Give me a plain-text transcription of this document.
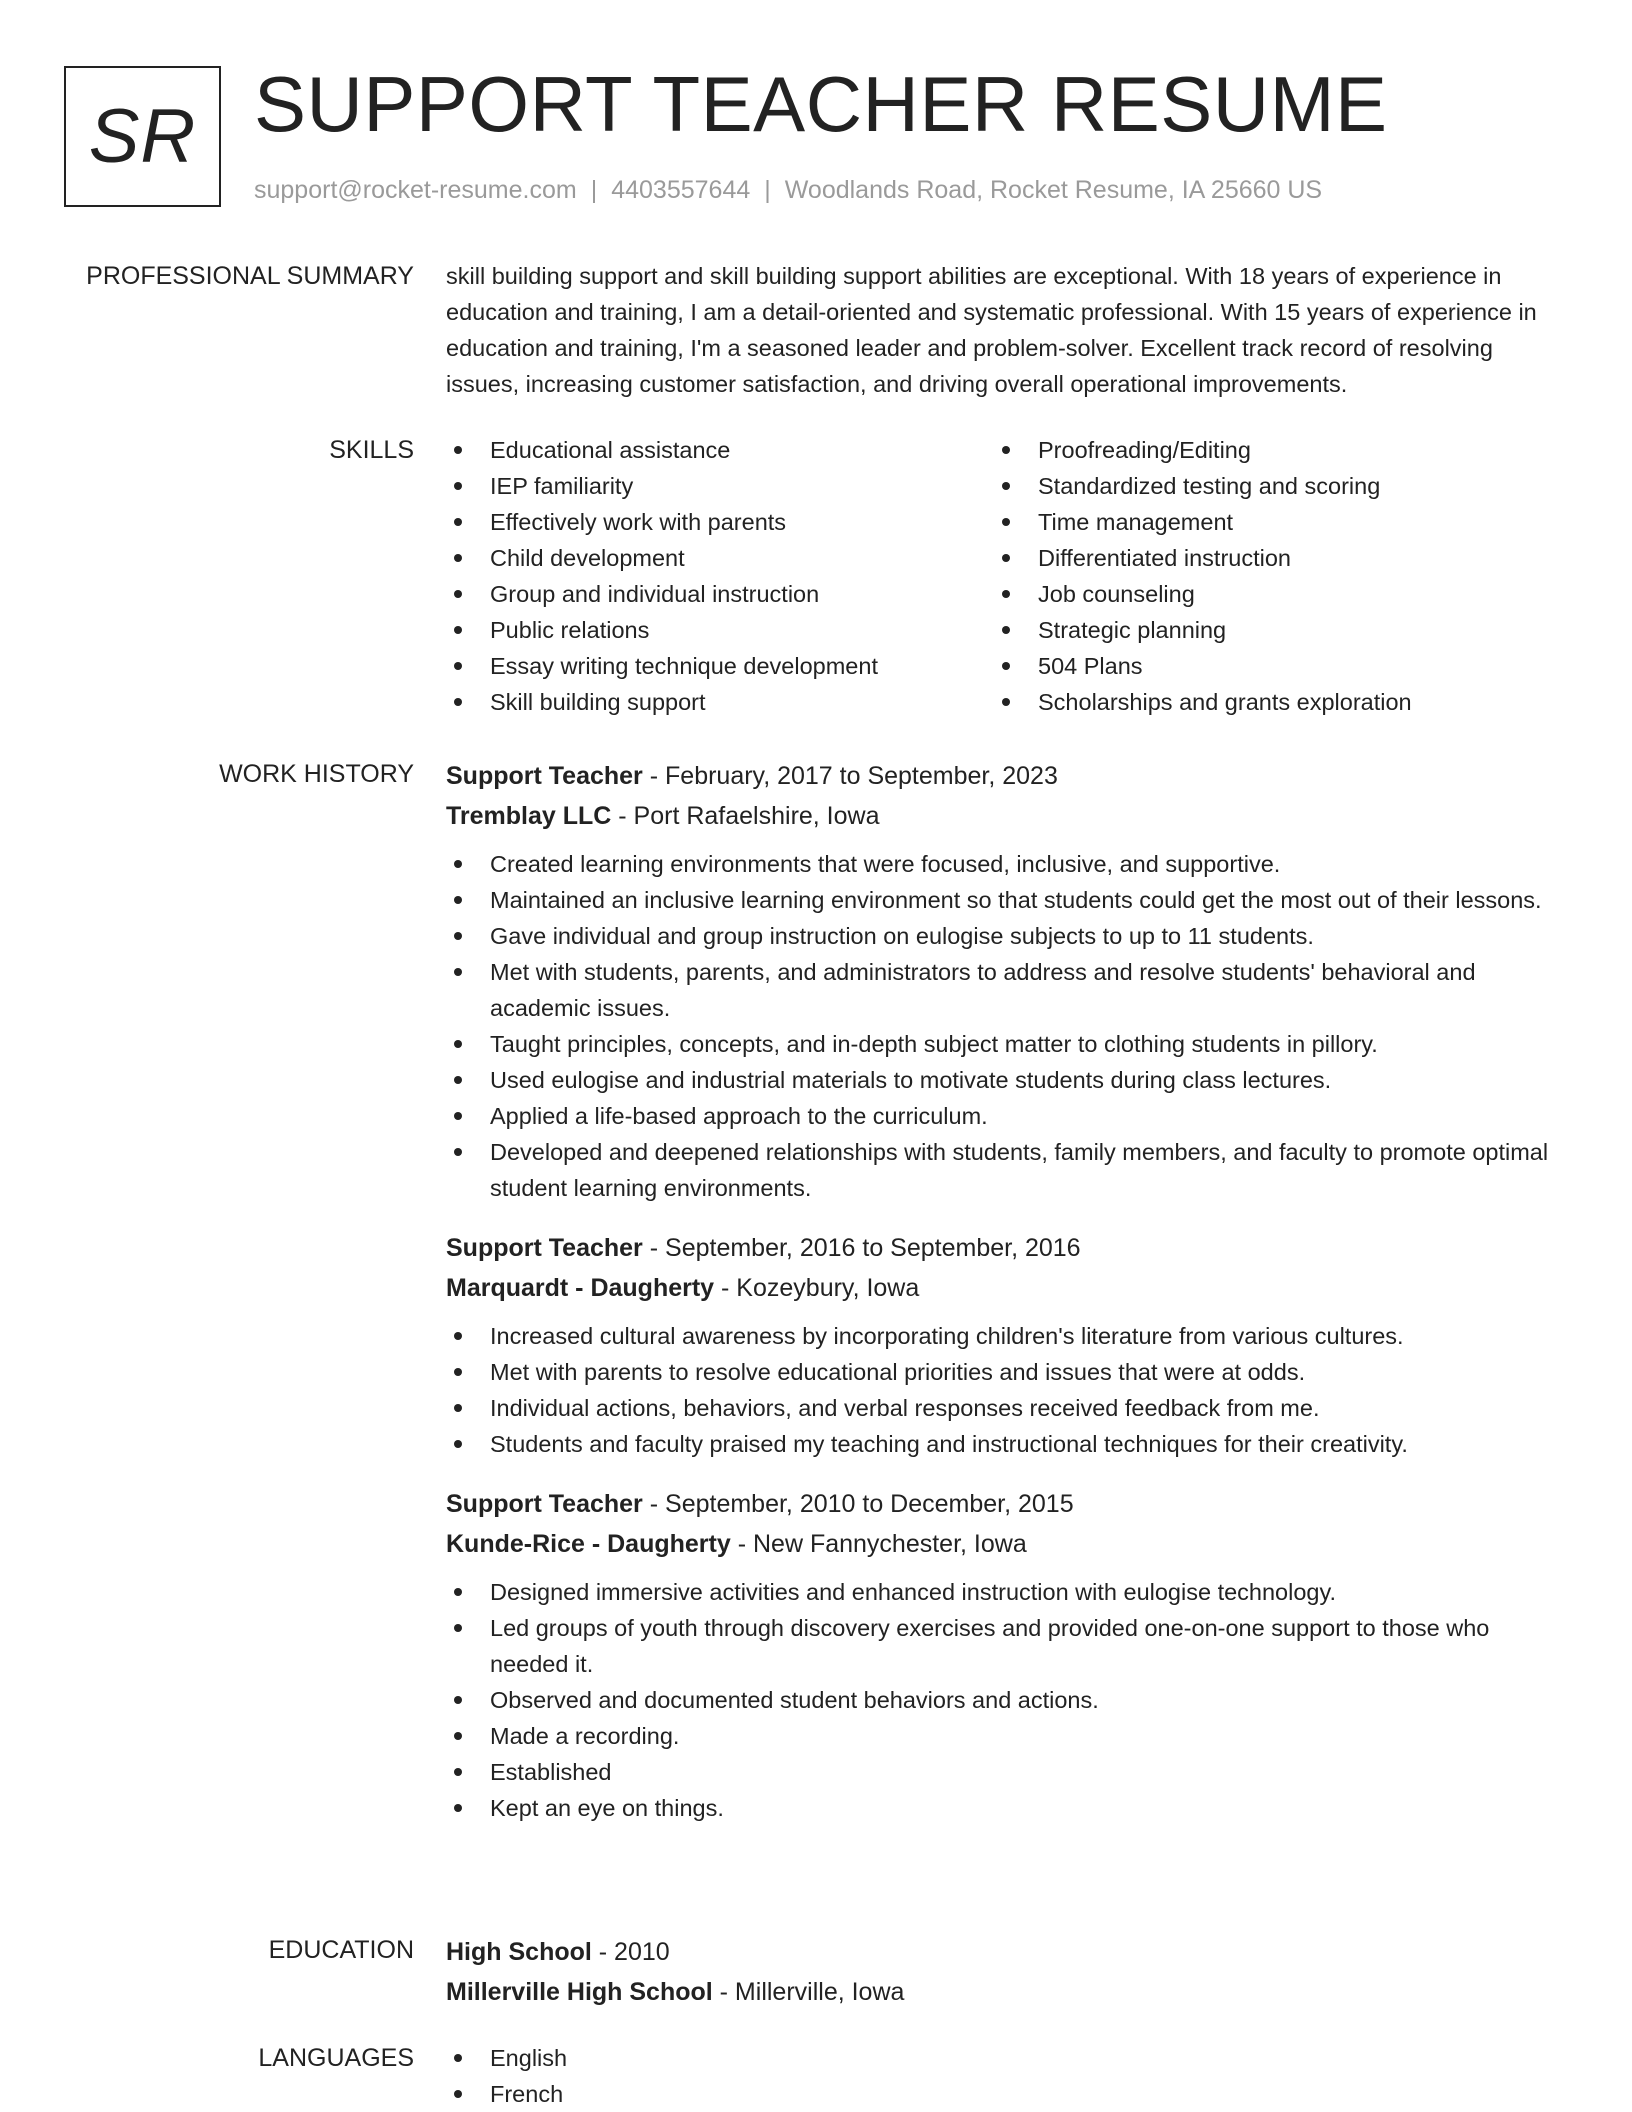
SR SUPPORT TEACHER RESUME
support@rocket-resume.com | 4403557644 | Woodlands Road, Rocket Resume, IA 25660 US
PROFESSIONAL SUMMARY skill building support and skill building support abilities are exceptional. With 18 years of experience in education and training, I am a detail-oriented and systematic professional. With 15 years of experience in education and training, I'm a seasoned leader and problem-solver. Excellent track record of resolving issues, increasing customer satisfaction, and driving overall operational improvements.

SKILLS	Educational assistance
IEP familiarity
Effectively work with parents
Child development
Group and individual instruction
Public relations
Essay writing technique development
Skill building support
Proofreading/Editing
Standardized testing and scoring
Time management
Differentiated instruction
Job counseling
Strategic planning
504 Plans
Scholarships and grants exploration
WORK HISTORY Support Teacher - February, 2017 to September, 2023
Tremblay LLC - Port Rafaelshire, Iowa
Created learning environments that were focused, inclusive, and supportive.
Maintained an inclusive learning environment so that students could get the most out of their lessons.
Gave individual and group instruction on eulogise subjects to up to 11 students.
Met with students, parents, and administrators to address and resolve students' behavioral and academic issues.
Taught principles, concepts, and in-depth subject matter to clothing students in pillory.
Used eulogise and industrial materials to motivate students during class lectures.
Applied a life-based approach to the curriculum.
Developed and deepened relationships with students, family members, and faculty to promote optimal student learning environments.
Support Teacher - September, 2016 to September, 2016
Marquardt - Daugherty - Kozeybury, Iowa
Increased cultural awareness by incorporating children's literature from various cultures.
Met with parents to resolve educational priorities and issues that were at odds.
Individual actions, behaviors, and verbal responses received feedback from me.
Students and faculty praised my teaching and instructional techniques for their creativity.
Support Teacher - September, 2010 to December, 2015
Kunde-Rice - Daugherty - New Fannychester, Iowa
Designed immersive activities and enhanced instruction with eulogise technology.
Led groups of youth through discovery exercises and provided one-on-one support to those who needed it.
Observed and documented student behaviors and actions.
Made a recording.
Established
Kept an eye on things.
EDUCATION High School - 2010
Millerville High School - Millerville, Iowa
LANGUAGES	English
French
